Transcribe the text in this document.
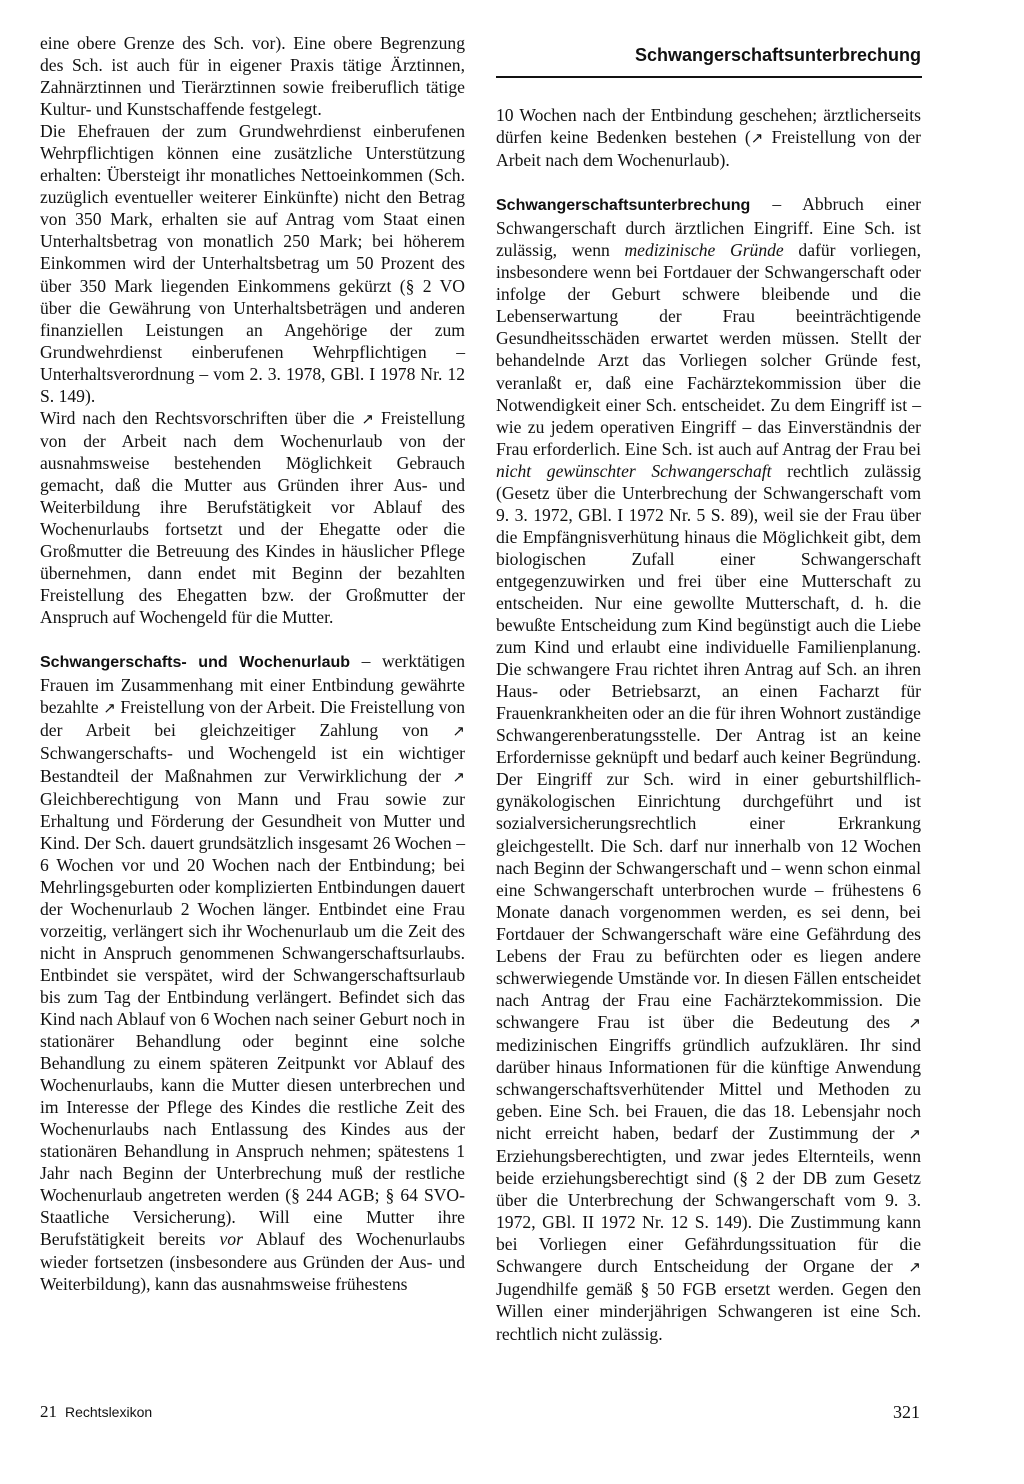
Schwangerschaftsunterbrechung

eine obere Grenze des Sch. vor). Eine obere Begrenzung des Sch. ist auch für in eigener Praxis tätige Ärztinnen, Zahnärztinnen und Tierärztinnen sowie freiberuflich tätige Kultur- und Kunstschaffende festgelegt.

Die Ehefrauen der zum Grundwehrdienst einberufenen Wehrpflichtigen können eine zusätzliche Unterstützung erhalten: Übersteigt ihr monatliches Nettoeinkommen (Sch. zuzüglich eventueller weiterer Einkünfte) nicht den Betrag von 350 Mark, erhalten sie auf Antrag vom Staat einen Unterhaltsbetrag von monatlich 250 Mark; bei höherem Einkommen wird der Unterhaltsbetrag um 50 Prozent des über 350 Mark liegenden Einkommens gekürzt (§ 2 VO über die Gewährung von Unterhaltsbeträgen und anderen finanziellen Leistungen an Angehörige der zum Grundwehrdienst einberufenen Wehrpflichtigen – Unterhaltsverordnung – vom 2. 3. 1978, GBl. I 1978 Nr. 12 S. 149).

Wird nach den Rechtsvorschriften über die ↗ Freistellung von der Arbeit nach dem Wochenurlaub von der ausnahmsweise bestehenden Möglichkeit Gebrauch gemacht, daß die Mutter aus Gründen ihrer Aus- und Weiterbildung ihre Berufstätigkeit vor Ablauf des Wochenurlaubs fortsetzt und der Ehegatte oder die Großmutter die Betreuung des Kindes in häuslicher Pflege übernehmen, dann endet mit Beginn der bezahlten Freistellung des Ehegatten bzw. der Großmutter der Anspruch auf Wochengeld für die Mutter.

Schwangerschafts- und Wochenurlaub – werktätigen Frauen im Zusammenhang mit einer Entbindung gewährte bezahlte ↗ Freistellung von der Arbeit. Die Freistellung von der Arbeit bei gleichzeitiger Zahlung von ↗ Schwangerschafts- und Wochengeld ist ein wichtiger Bestandteil der Maßnahmen zur Verwirklichung der ↗ Gleichberechtigung von Mann und Frau sowie zur Erhaltung und Förderung der Gesundheit von Mutter und Kind. Der Sch. dauert grundsätzlich insgesamt 26 Wochen – 6 Wochen vor und 20 Wochen nach der Entbindung; bei Mehrlingsgeburten oder komplizierten Entbindungen dauert der Wochenurlaub 2 Wochen länger. Entbindet eine Frau vorzeitig, verlängert sich ihr Wochenurlaub um die Zeit des nicht in Anspruch genommenen Schwangerschaftsurlaubs. Entbindet sie verspätet, wird der Schwangerschaftsurlaub bis zum Tag der Entbindung verlängert. Befindet sich das Kind nach Ablauf von 6 Wochen nach seiner Geburt noch in stationärer Behandlung oder beginnt eine solche Behandlung zu einem späteren Zeitpunkt vor Ablauf des Wochenurlaubs, kann die Mutter diesen unterbrechen und im Interesse der Pflege des Kindes die restliche Zeit des Wochenurlaubs nach Entlassung des Kindes aus der stationären Behandlung in Anspruch nehmen; spätestens 1 Jahr nach Beginn der Unterbrechung muß der restliche Wochenurlaub angetreten werden (§ 244 AGB; § 64 SVO-Staatliche Versicherung). Will eine Mutter ihre Berufstätigkeit bereits vor Ablauf des Wochenurlaubs wieder fortsetzen (insbesondere aus Gründen der Aus- und Weiterbildung), kann das ausnahmsweise frühestens

10 Wochen nach der Entbindung geschehen; ärztlicherseits dürfen keine Bedenken bestehen (↗ Freistellung von der Arbeit nach dem Wochenurlaub).

Schwangerschaftsunterbrechung – Abbruch einer Schwangerschaft durch ärztlichen Eingriff. Eine Sch. ist zulässig, wenn medizinische Gründe dafür vorliegen, insbesondere wenn bei Fortdauer der Schwangerschaft oder infolge der Geburt schwere bleibende und die Lebenserwartung der Frau beeinträchtigende Gesundheitsschäden erwartet werden müssen. Stellt der behandelnde Arzt das Vorliegen solcher Gründe fest, veranlaßt er, daß eine Fachärztekommission über die Notwendigkeit einer Sch. entscheidet. Zu dem Eingriff ist – wie zu jedem operativen Eingriff – das Einverständnis der Frau erforderlich. Eine Sch. ist auch auf Antrag der Frau bei nicht gewünschter Schwangerschaft rechtlich zulässig (Gesetz über die Unterbrechung der Schwangerschaft vom 9. 3. 1972, GBl. I 1972 Nr. 5 S. 89), weil sie der Frau über die Empfängnisverhütung hinaus die Möglichkeit gibt, dem biologischen Zufall einer Schwangerschaft entgegenzuwirken und frei über eine Mutterschaft zu entscheiden. Nur eine gewollte Mutterschaft, d. h. die bewußte Entscheidung zum Kind begünstigt auch die Liebe zum Kind und erlaubt eine individuelle Familienplanung. Die schwangere Frau richtet ihren Antrag auf Sch. an ihren Haus- oder Betriebsarzt, an einen Facharzt für Frauenkrankheiten oder an die für ihren Wohnort zuständige Schwangerenberatungsstelle. Der Antrag ist an keine Erfordernisse geknüpft und bedarf auch keiner Begründung. Der Eingriff zur Sch. wird in einer geburtshilflich-gynäkologischen Einrichtung durchgeführt und ist sozialversicherungsrechtlich einer Erkrankung gleichgestellt. Die Sch. darf nur innerhalb von 12 Wochen nach Beginn der Schwangerschaft und – wenn schon einmal eine Schwangerschaft unterbrochen wurde – frühestens 6 Monate danach vorgenommen werden, es sei denn, bei Fortdauer der Schwangerschaft wäre eine Gefährdung des Lebens der Frau zu befürchten oder es liegen andere schwerwiegende Umstände vor. In diesen Fällen entscheidet nach Antrag der Frau eine Fachärztekommission. Die schwangere Frau ist über die Bedeutung des ↗ medizinischen Eingriffs gründlich aufzuklären. Ihr sind darüber hinaus Informationen für die künftige Anwendung schwangerschaftsverhütender Mittel und Methoden zu geben. Eine Sch. bei Frauen, die das 18. Lebensjahr noch nicht erreicht haben, bedarf der Zustimmung der ↗ Erziehungsberechtigten, und zwar jedes Elternteils, wenn beide erziehungsberechtigt sind (§ 2 der DB zum Gesetz über die Unterbrechung der Schwangerschaft vom 9. 3. 1972, GBl. II 1972 Nr. 12 S. 149). Die Zustimmung kann bei Vorliegen einer Gefährdungssituation für die Schwangere durch Entscheidung der Organe der ↗ Jugendhilfe gemäß § 50 FGB ersetzt werden. Gegen den Willen einer minderjährigen Schwangeren ist eine Sch. rechtlich nicht zulässig.

21 Rechtslexikon	321
